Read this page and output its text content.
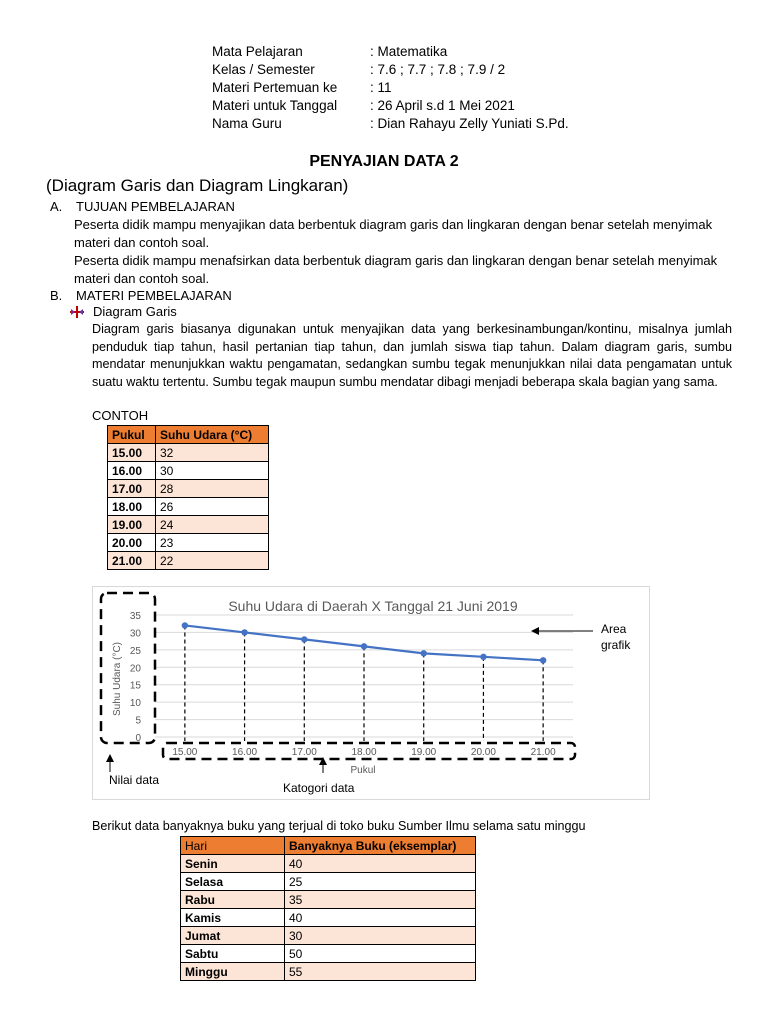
Mata Pelajaran	: Matematika
Kelas / Semester	: 7.6 ; 7.7 ; 7.8 ; 7.9 / 2
Materi Pertemuan ke	: 11
Materi untuk Tanggal	: 26 April s.d 1 Mei 2021
Nama Guru	: Dian Rahayu Zelly Yuniati S.Pd.
PENYAJIAN DATA 2
(Diagram Garis dan Diagram Lingkaran)
A. TUJUAN PEMBELAJARAN
Peserta didik mampu menyajikan data berbentuk diagram garis dan lingkaran dengan benar setelah menyimak materi dan contoh soal.
Peserta didik mampu menafsirkan data berbentuk diagram garis dan lingkaran dengan benar setelah menyimak materi dan contoh soal.
B. MATERI PEMBELAJARAN
Diagram Garis
Diagram garis biasanya digunakan untuk menyajikan data yang berkesinambungan/kontinu, misalnya jumlah penduduk tiap tahun, hasil pertanian tiap tahun, dan jumlah siswa tiap tahun. Dalam diagram garis, sumbu mendatar menunjukkan waktu pengamatan, sedangkan sumbu tegak menunjukkan nilai data pengamatan untuk suatu waktu tertentu. Sumbu tegak maupun sumbu mendatar dibagi menjadi beberapa skala bagian yang sama.
CONTOH
Pukul	Suhu Udara (°C)
15.00	32
16.00	30
17.00	28
18.00	26
19.00	24
20.00	23
21.00	22
Suhu Udara di Daerah X Tanggal 21 Juni 2019
Suhu Udara (°C)
Pukul
0
5
10
15
20
25
30
35
15.00	16.00	17.00	18.00	19.00	20.00	21.00
Area grafik
Nilai data
Katogori data
Berikut data banyaknya buku yang terjual di toko buku Sumber Ilmu selama satu minggu
Hari	Banyaknya Buku (eksemplar)
Senin	40
Selasa	25
Rabu	35
Kamis	40
Jumat	30
Sabtu	50
Minggu	55
